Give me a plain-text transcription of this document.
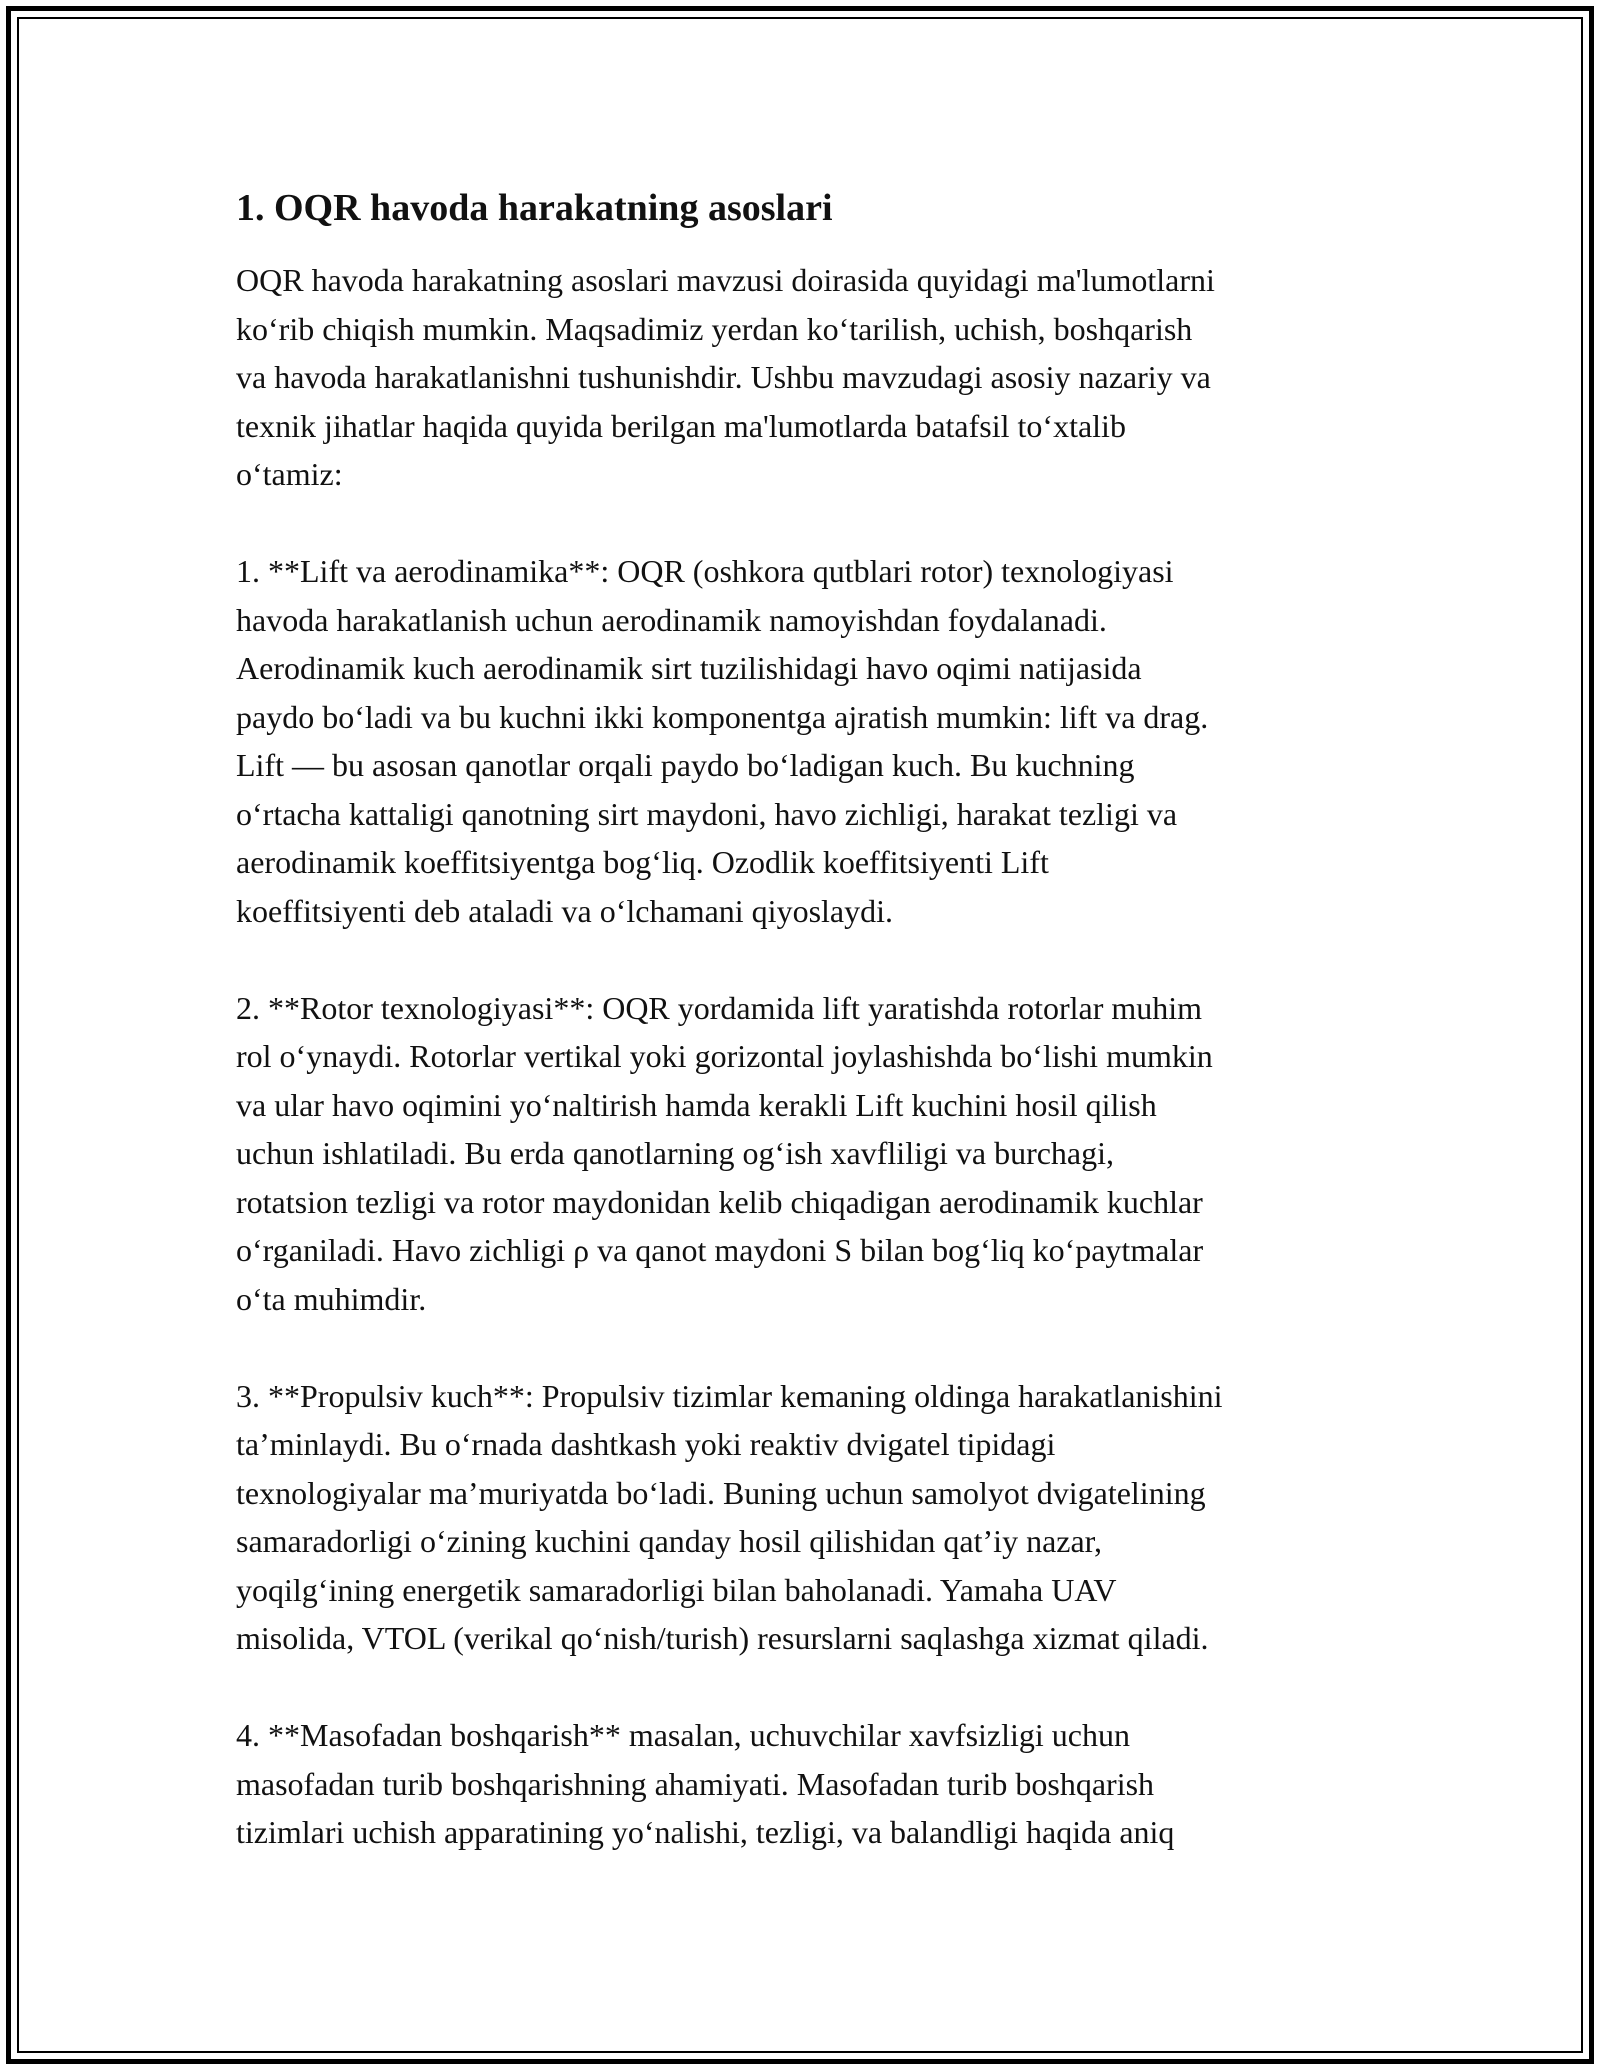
1. OQR havoda harakatning asoslari

OQR havoda harakatning asoslari mavzusi doirasida quyidagi ma'lumotlarni
ko‘rib chiqish mumkin. Maqsadimiz yerdan ko‘tarilish, uchish, boshqarish
va havoda harakatlanishni tushunishdir. Ushbu mavzudagi asosiy nazariy va
texnik jihatlar haqida quyida berilgan ma'lumotlarda batafsil to‘xtalib
o‘tamiz:

1. **Lift va aerodinamika**: OQR (oshkora qutblari rotor) texnologiyasi
havoda harakatlanish uchun aerodinamik namoyishdan foydalanadi.
Aerodinamik kuch aerodinamik sirt tuzilishidagi havo oqimi natijasida
paydo bo‘ladi va bu kuchni ikki komponentga ajratish mumkin: lift va drag.
Lift — bu asosan qanotlar orqali paydo bo‘ladigan kuch. Bu kuchning
o‘rtacha kattaligi qanotning sirt maydoni, havo zichligi, harakat tezligi va
aerodinamik koeffitsiyentga bog‘liq. Ozodlik koeffitsiyenti Lift
koeffitsiyenti deb ataladi va o‘lchamani qiyoslaydi.

2. **Rotor texnologiyasi**: OQR yordamida lift yaratishda rotorlar muhim
rol o‘ynaydi. Rotorlar vertikal yoki gorizontal joylashishda bo‘lishi mumkin
va ular havo oqimini yo‘naltirish hamda kerakli Lift kuchini hosil qilish
uchun ishlatiladi. Bu erda qanotlarning og‘ish xavfliligi va burchagi,
rotatsion tezligi va rotor maydonidan kelib chiqadigan aerodinamik kuchlar
o‘rganiladi. Havo zichligi ρ va qanot maydoni S bilan bog‘liq ko‘paytmalar
o‘ta muhimdir.

3. **Propulsiv kuch**: Propulsiv tizimlar kemaning oldinga harakatlanishini
ta’minlaydi. Bu o‘rnada dashtkash yoki reaktiv dvigatel tipidagi
texnologiyalar ma’muriyatda bo‘ladi. Buning uchun samolyot dvigatelining
samaradorligi o‘zining kuchini qanday hosil qilishidan qat’iy nazar,
yoqilg‘ining energetik samaradorligi bilan baholanadi. Yamaha UAV
misolida, VTOL (verikal qo‘nish/turish) resurslarni saqlashga xizmat qiladi.

4. **Masofadan boshqarish** masalan, uchuvchilar xavfsizligi uchun
masofadan turib boshqarishning ahamiyati. Masofadan turib boshqarish
tizimlari uchish apparatining yo‘nalishi, tezligi, va balandligi haqida aniq
